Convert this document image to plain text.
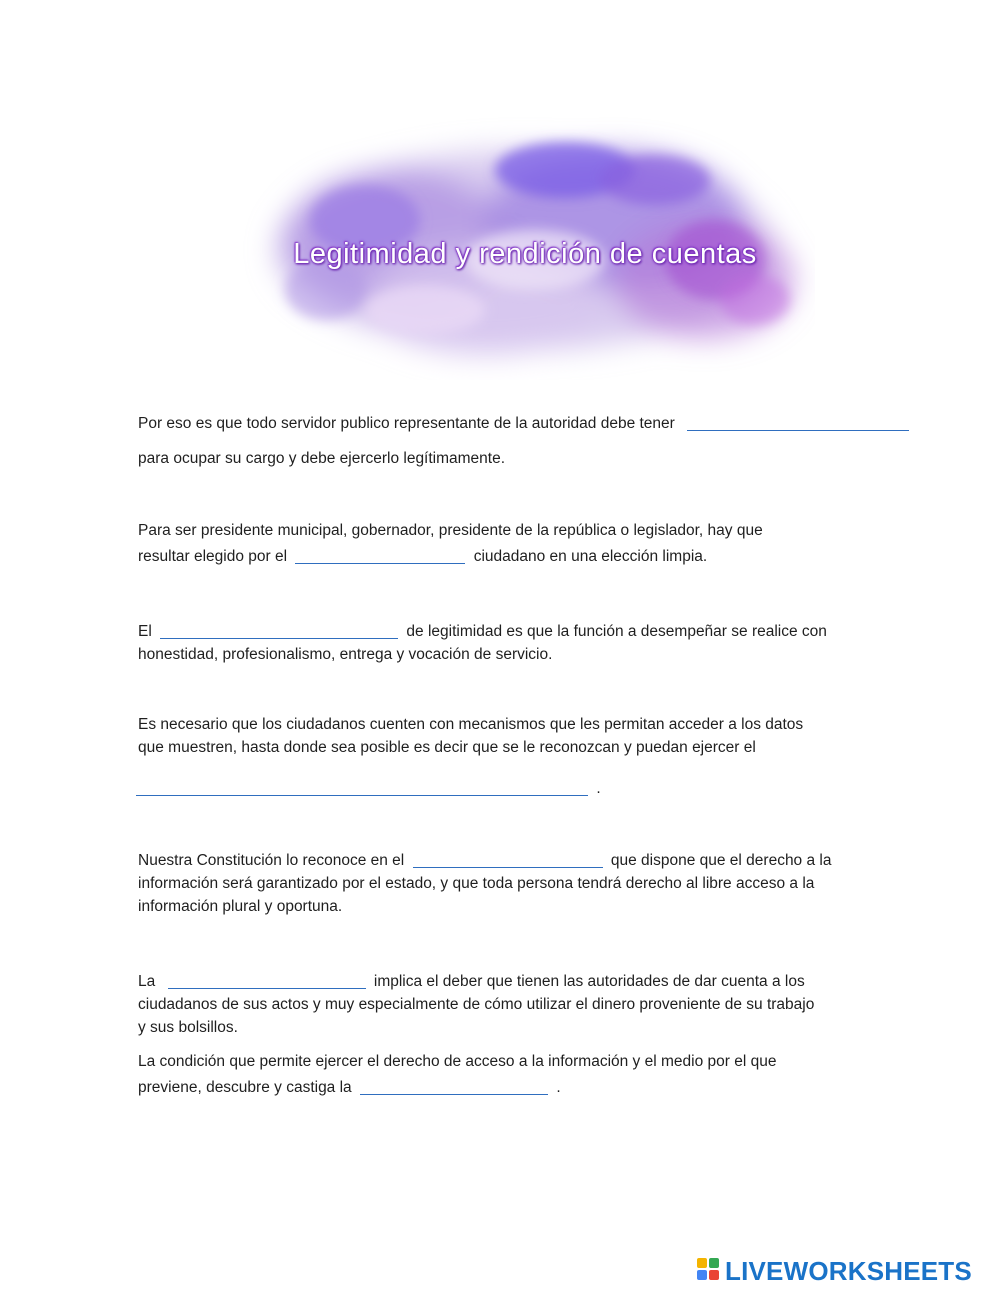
Legitimidad y rendición de cuentas
Por eso es que todo servidor publico representante de la autoridad debe tener
para ocupar su cargo y debe ejercerlo legítimamente.
Para ser presidente municipal, gobernador, presidente de la república o legislador, hay que
resultar elegido por el	ciudadano en una elección limpia.
El	de legitimidad es que la función a desempeñar se realice con
honestidad, profesionalismo, entrega y vocación de servicio.
Es necesario que los ciudadanos cuenten con mecanismos que les permitan acceder a los datos
que muestren, hasta donde sea posible es decir que se le reconozcan y puedan ejercer el
.
Nuestra Constitución lo reconoce en el	que dispone que el derecho a la
información será garantizado por el estado, y que toda persona tendrá derecho al libre acceso a la
información plural y oportuna.
La	implica el deber que tienen las autoridades de dar cuenta a los
ciudadanos de sus actos y muy especialmente de cómo utilizar el dinero proveniente de su trabajo
y sus bolsillos.
La condición que permite ejercer el derecho de acceso a la información y el medio por el que
previene, descubre y castiga la	.
LIVEWORKSHEETS
